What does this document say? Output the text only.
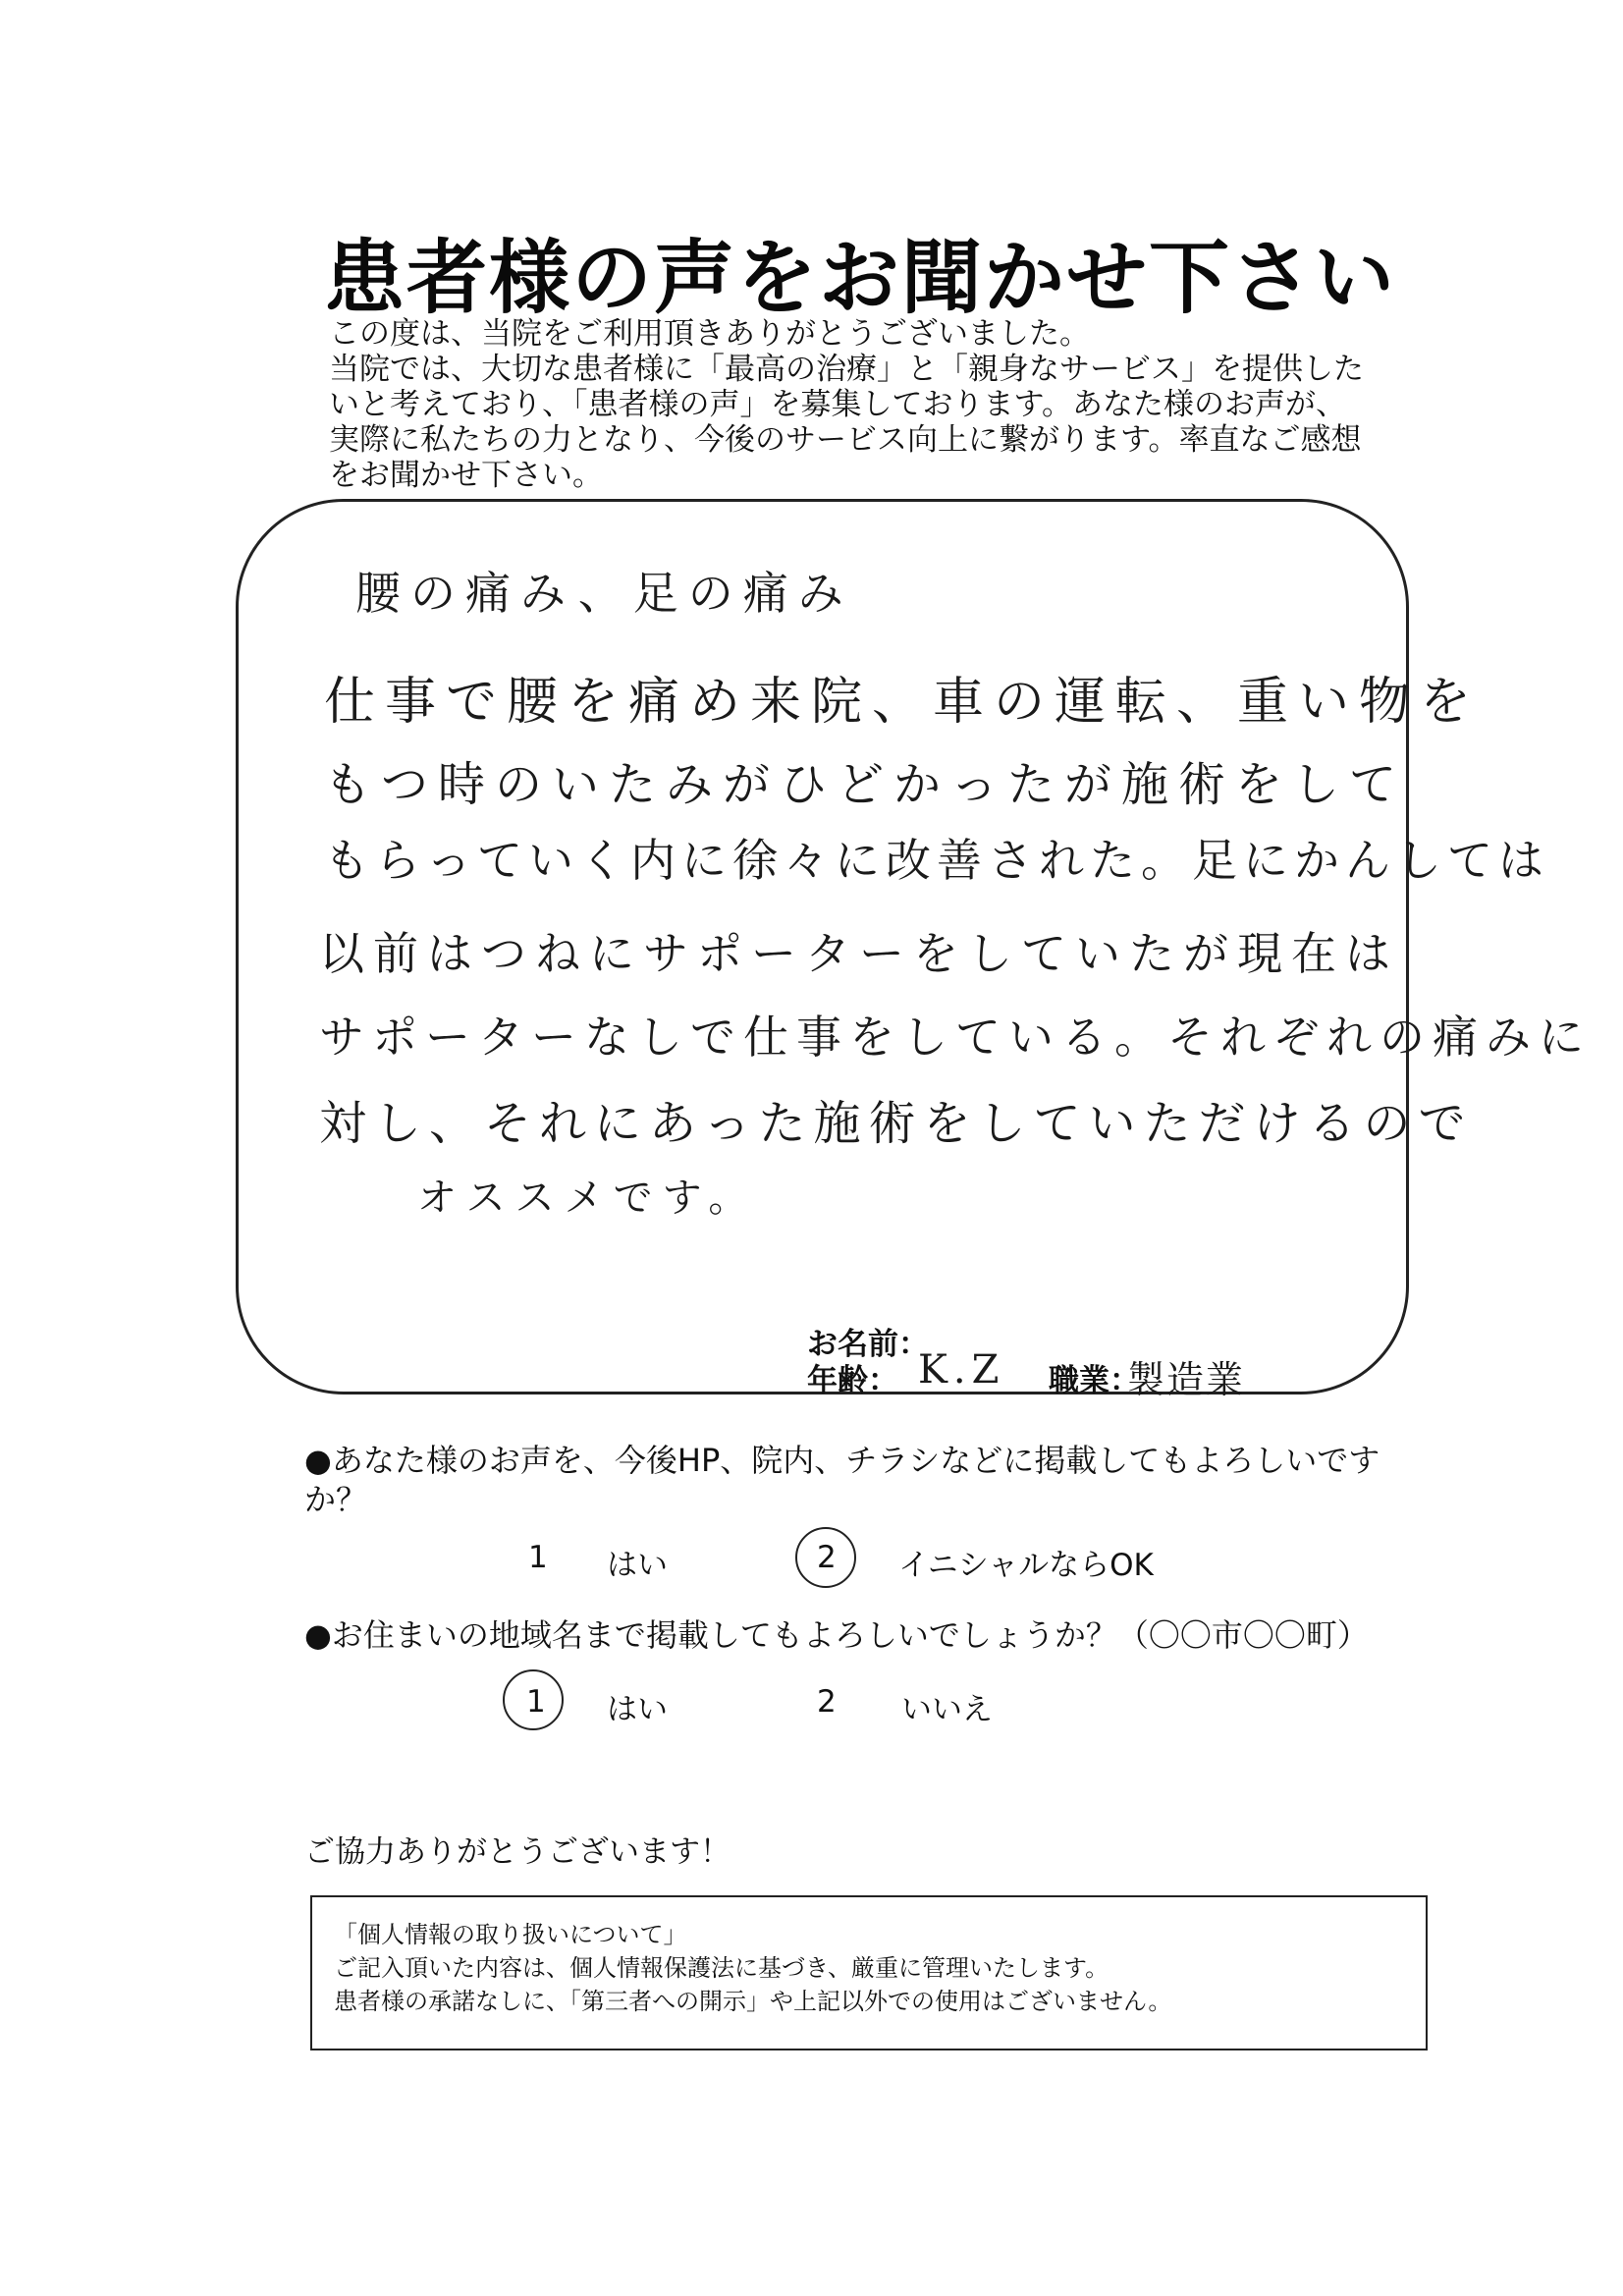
患者様の声をお聞かせ下さい
この度は、当院をご利用頂きありがとうございました。
当院では、大切な患者様に「最高の治療」と「親身なサービス」を提供した
いと考えており、「患者様の声」を募集しております。あなた様のお声が、
実際に私たちの力となり、今後のサービス向上に繋がります。率直なご感想
をお聞かせ下さい。
腰の痛み、足の痛み
仕事で腰を痛め来院、車の運転、重い物を
もつ時のいたみがひどかったが施術をして
もらっていく内に徐々に改善された。足にかんしては
以前はつねにサポーターをしていたが現在は
サポーターなしで仕事をしている。それぞれの痛みに
対し、それにあった施術をしていただけるので
オススメです。
お名前：
年齢： K.Z 職業：
製造業
●あなた様のお声を、今後HP、院内、チラシなどに掲載してもよろしいです
か？
1 はい	2 イニシャルならOK
●お住まいの地域名まで掲載してもよろしいでしょうか？（〇〇市〇〇町）
1 はい	2 いいえ
ご協力ありがとうございます！
「個人情報の取り扱いについて」
ご記入頂いた内容は、個人情報保護法に基づき、厳重に管理いたします。
患者様の承諾なしに、「第三者への開示」や上記以外での使用はございません。
